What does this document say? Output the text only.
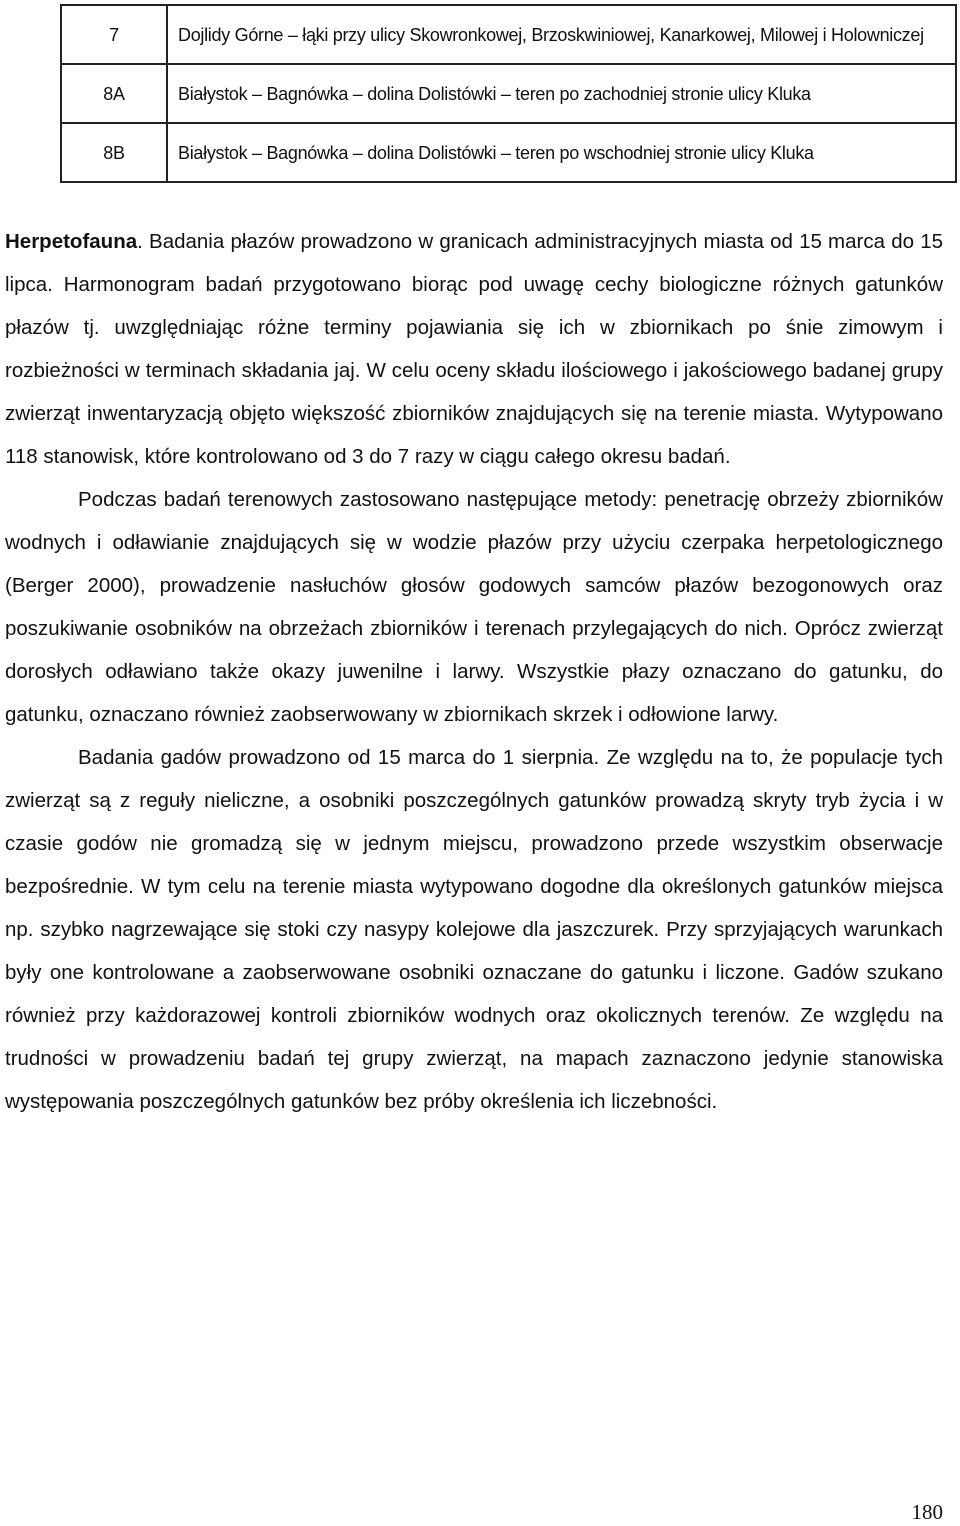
7	Dojlidy Górne – łąki przy ulicy Skowronkowej, Brzoskwiniowej, Kanarkowej, Milowej i Holowniczej
8A	Białystok – Bagnówka – dolina Dolistówki – teren po zachodniej stronie ulicy Kluka
8B	Białystok – Bagnówka – dolina Dolistówki – teren po wschodniej stronie ulicy Kluka

Herpetofauna. Badania płazów prowadzono w granicach administracyjnych miasta od 15 marca do 15 lipca. Harmonogram badań przygotowano biorąc pod uwagę cechy biologiczne różnych gatunków płazów tj. uwzględniając różne terminy pojawiania się ich w zbiornikach po śnie zimowym i rozbieżności w terminach składania jaj. W celu oceny składu ilościowego i jakościowego badanej grupy zwierząt inwentaryzacją objęto większość zbiorników znajdujących się na terenie miasta. Wytypowano 118 stanowisk, które kontrolowano od 3 do 7 razy w ciągu całego okresu badań.

Podczas badań terenowych zastosowano następujące metody: penetrację obrzeży zbiorników wodnych i odławianie znajdujących się w wodzie płazów przy użyciu czerpaka herpetologicznego (Berger 2000), prowadzenie nasłuchów głosów godowych samców płazów bezogonowych oraz poszukiwanie osobników na obrzeżach zbiorników i terenach przylegających do nich. Oprócz zwierząt dorosłych odławiano także okazy juwenilne i larwy. Wszystkie płazy oznaczano do gatunku, do gatunku, oznaczano również zaobserwowany w zbiornikach skrzek i odłowione larwy.

Badania gadów prowadzono od 15 marca do 1 sierpnia. Ze względu na to, że populacje tych zwierząt są z reguły nieliczne, a osobniki poszczególnych gatunków prowadzą skryty tryb życia i w czasie godów nie gromadzą się w jednym miejscu, prowadzono przede wszystkim obserwacje bezpośrednie. W tym celu na terenie miasta wytypowano dogodne dla określonych gatunków miejsca np. szybko nagrzewające się stoki czy nasypy kolejowe dla jaszczurek. Przy sprzyjających warunkach były one kontrolowane a zaobserwowane osobniki oznaczane do gatunku i liczone. Gadów szukano również przy każdorazowej kontroli zbiorników wodnych oraz okolicznych terenów. Ze względu na trudności w prowadzeniu badań tej grupy zwierząt, na mapach zaznaczono jedynie stanowiska występowania poszczególnych gatunków bez próby określenia ich liczebności.

180
